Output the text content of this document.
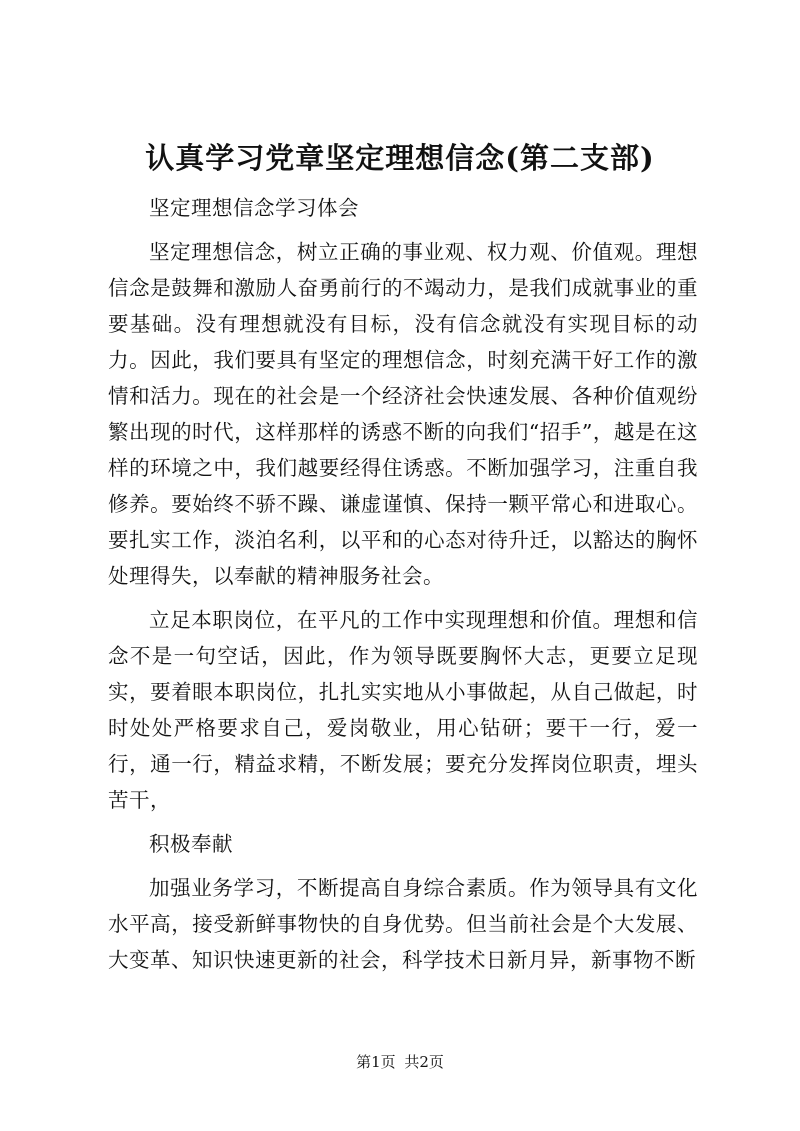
认真学习党章坚定理想信念(第二支部)

坚定理想信念学习体会

坚定理想信念，树立正确的事业观、权力观、价值观。理想信念是鼓舞和激励人奋勇前行的不竭动力，是我们成就事业的重要基础。没有理想就没有目标，没有信念就没有实现目标的动力。因此，我们要具有坚定的理想信念，时刻充满干好工作的激情和活力。现在的社会是一个经济社会快速发展、各种价值观纷繁出现的时代，这样那样的诱惑不断的向我们“招手”，越是在这样的环境之中，我们越要经得住诱惑。不断加强学习，注重自我修养。要始终不骄不躁、谦虚谨慎、保持一颗平常心和进取心。要扎实工作，淡泊名利，以平和的心态对待升迁，以豁达的胸怀处理得失，以奉献的精神服务社会。

立足本职岗位，在平凡的工作中实现理想和价值。理想和信念不是一句空话，因此，作为领导既要胸怀大志，更要立足现实，要着眼本职岗位，扎扎实实地从小事做起，从自己做起，时时处处严格要求自己，爱岗敬业，用心钻研；要干一行，爱一行，通一行，精益求精，不断发展；要充分发挥岗位职责，埋头苦干，

积极奉献

加强业务学习，不断提高自身综合素质。作为领导具有文化水平高，接受新鲜事物快的自身优势。但当前社会是个大发展、大变革、知识快速更新的社会，科学技术日新月异，新事物不断

第1页 共2页
